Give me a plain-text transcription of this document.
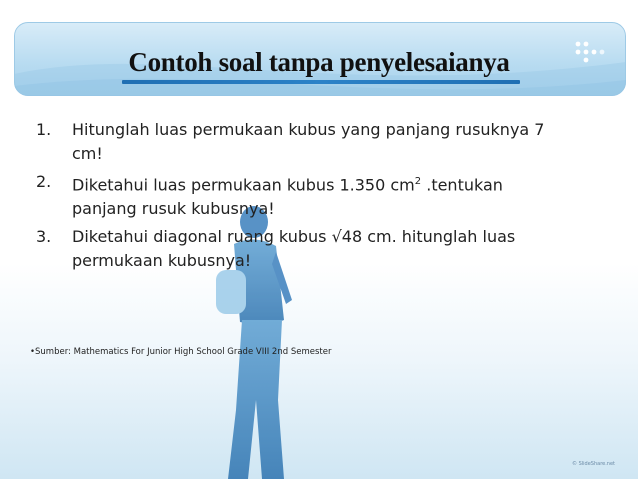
Contoh soal tanpa penyelesaianya
1. Hitunglah luas permukaan kubus yang panjang rusuknya 7
cm!
2. Diketahui luas permukaan kubus 1.350 $cm^2$ .tentukan
panjang rusuk kubusnya!
3. Diketahui diagonal ruang kubus √48 cm. hitunglah luas
permukaan kubusnya!
•Sumber: Mathematics For Junior High School Grade VIII 2nd Semester
© SlideShare.net
